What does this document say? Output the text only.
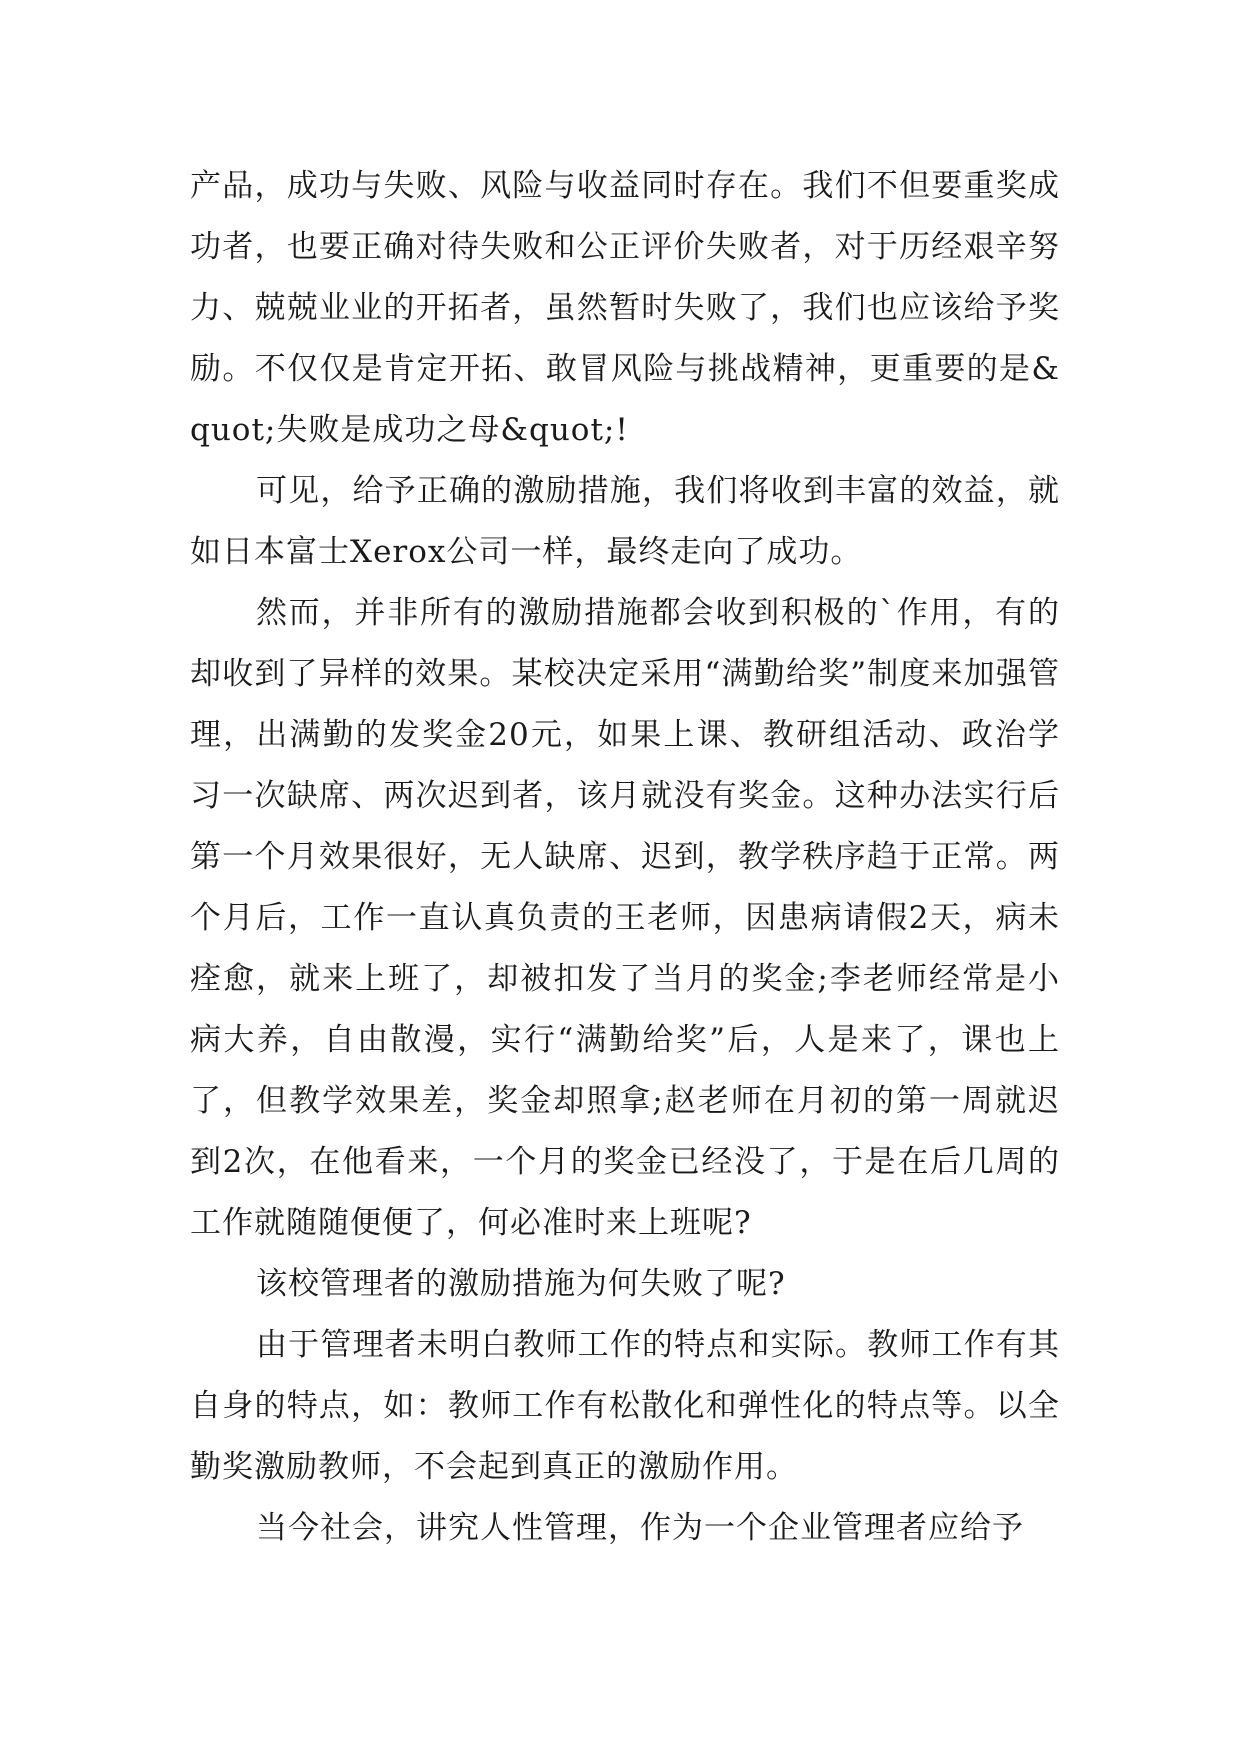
产品，成功与失败、风险与收益同时存在。我们不但要重奖成功者，也要正确对待失败和公正评价失败者，对于历经艰辛努力、兢兢业业的开拓者，虽然暂时失败了，我们也应该给予奖励。不仅仅是肯定开拓、敢冒风险与挑战精神，更重要的是&quot;失败是成功之母&quot;!

可见，给予正确的激励措施，我们将收到丰富的效益，就如日本富士Xerox公司一样，最终走向了成功。

然而，并非所有的激励措施都会收到积极的`作用，有的却收到了异样的效果。某校决定采用“满勤给奖”制度来加强管理，出满勤的发奖金20元，如果上课、教研组活动、政治学习一次缺席、两次迟到者，该月就没有奖金。这种办法实行后第一个月效果很好，无人缺席、迟到，教学秩序趋于正常。两个月后，工作一直认真负责的王老师，因患病请假2天，病未痊愈，就来上班了，却被扣发了当月的奖金;李老师经常是小病大养，自由散漫，实行“满勤给奖”后，人是来了，课也上了，但教学效果差，奖金却照拿;赵老师在月初的第一周就迟到2次，在他看来，一个月的奖金已经没了，于是在后几周的工作就随随便便了，何必准时来上班呢?

该校管理者的激励措施为何失败了呢?

由于管理者未明白教师工作的特点和实际。教师工作有其自身的特点，如：教师工作有松散化和弹性化的特点等。以全勤奖激励教师，不会起到真正的激励作用。

当今社会，讲究人性管理，作为一个企业管理者应给予
